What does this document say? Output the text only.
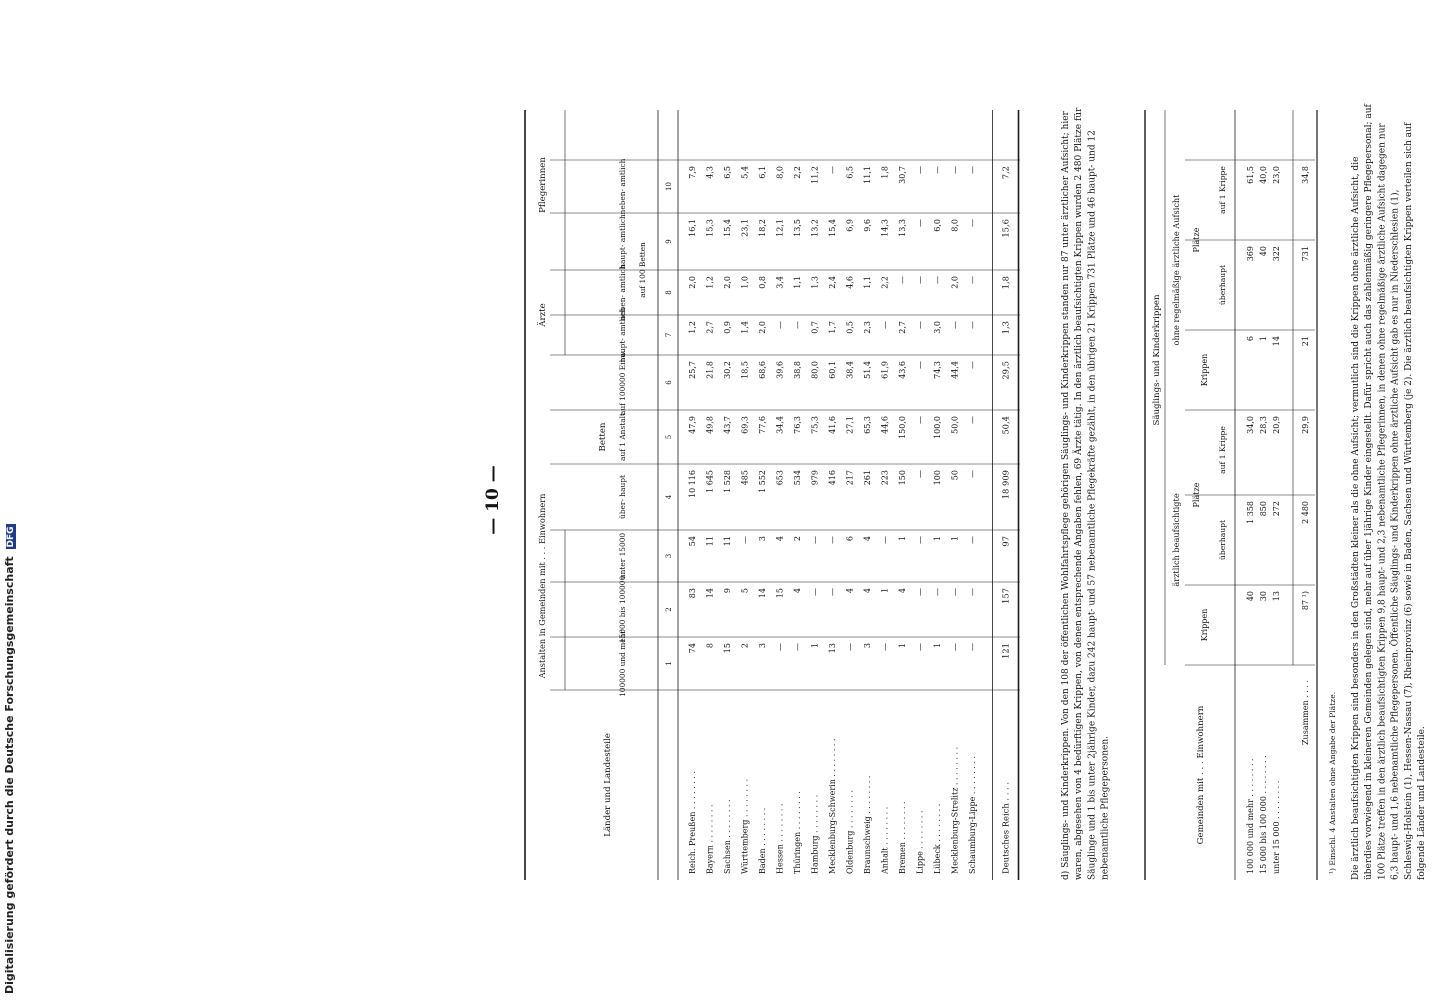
— 10 —
Länder und Landesteile
Anstalten in Gemeinden mit . . . Einwohnern
Betten
Ärzte
Pflegerinnen
100000 und mehr
15000 bis 100000
unter 15000
über- haupt
auf 1 Anstalt
auf 100000 Einw.
haupt- amtlich
neben- amtlich
haupt- amtlich
neben- amtlich
auf 100 Betten
1
2
3
4
5
6
7
8
9
10
Reich. Preußen . . . . . . . .
74
83
54
10 116
47,9
25,7
1,2
2,0
16,1
7,9
Bayern . . . . . . . .
8
14
11
1 645
49,8
21,8
2,7
1,2
15,3
4,3
Sachsen . . . . . . . .
15
9
11
1 528
43,7
30,2
0,9
2,0
15,4
6,5
Württemberg . . . . . . . .
2
5
—
485
69,3
18,5
1,4
1,0
23,1
5,4
Baden . . . . . . . .
3
14
3
1 552
77,6
68,6
2,0
0,8
18,2
6,1
Hessen . . . . . . . .
—
15
4
653
34,4
39,6
—
3,4
12,1
8,0
Thüringen . . . . . . . .
—
4
2
534
76,3
38,8
—
1,1
13,5
2,2
Hamburg . . . . . . . .
1
—
—
979
75,3
80,0
0,7
1,3
13,2
11,2
Mecklenburg-Schwerin . . . . . . . .
13
—
—
416
41,6
60,1
1,7
2,4
15,4
—
Oldenburg . . . . . . . .
—
4
6
217
27,1
38,4
0,5
4,6
6,9
6,5
Braunschweig . . . . . . . .
3
4
4
261
65,3
51,4
2,3
1,1
9,6
11,1
Anhalt . . . . . . . .
—
1
—
223
44,6
61,9
—
2,2
14,3
1,8
Bremen . . . . . . . .
1
4
1
150
150,0
43,6
2,7
—
13,3
30,7
Lippe . . . . . . . .
—
—
—
—
—
—
—
—
—
—
Lübeck . . . . . . . .
1
—
1
100
100,0
74,3
3,0
—
6,0
—
Mecklenburg-Strelitz . . . . . . . .
—
—
1
50
50,0
44,4
—
2,0
8,0
—
Schaumburg-Lippe . . . . . . . .
—
—
—
—
—
—
—
—
—
—
Deutsches Reich . . . .
121
157
97
18 909
50,4
29,5
1,3
1,8
15,6
7,2	d) Säuglings- und Kinderkrippen. Von den 108 der öffentlichen Wohlfahrtspflege gehörigen Säuglings- und Kinderkrippen standen nur 87 unter ärztlicher Aufsicht; hier waren, abgesehen von 4 bedürftigen Krippen, von denen entsprechende Angaben fehlen, 69 Ärzte tätig. In den ärztlich beaufsichtigten Krippen wurden 2 480 Plätze für Säuglinge und 1 bis unter 2jährige Kinder, dazu 242 haupt- und 57 nebenamtliche Pflegekräfte gezählt, in den übrigen 21 Krippen 731 Plätze und 46 haupt- und 12 nebenamtliche Pflegepersonen.
Säuglings- und Kinderkrippen
Gemeinden mit . . . Einwohnern
ärztlich beaufsichtigte
ohne regelmäßige ärztliche Aufsicht
Krippen
Plätze
überhaupt
auf 1 Krippe
Krippen
Plätze
überhaupt
auf 1 Krippe
100 000 und mehr . . . . . . . .
40
1 358
34,0
6
369
61,5
15 000 bis 100 000 . . . . . . . .
30
850
28,3
1
40
40,0
unter 15 000 . . . . . . . .
13
272
20,9
14
322
23,0
Zusammen . . . .
87 ¹)
2 480
29,9
21
731
34,8
¹) Einschl. 4 Anstalten ohne Angabe der Plätze. Die ärztlich beaufsichtigten Krippen sind besonders in den Großstädten kleiner als die ohne Aufsicht; vermutlich sind die Krippen ohne ärztliche Aufsicht, die überdies vorwiegend in kleineren Gemeinden gelegen sind, mehr auf über 1jährige Kinder eingestellt. Dafür spricht auch das zahlenmäßig geringere Pflegepersonal; auf 100 Plätze treffen in den ärztlich beaufsichtigten Krippen 9,8 haupt- und 2,3 nebenamtliche Pflegerinnen, in denen ohne regelmäßige ärztliche Aufsicht dagegen nur 6,3 haupt- und 1,6 nebenamtliche Pflegepersonen. Öffentliche Säuglings- und Kinderkrippen ohne ärztliche Aufsicht gab es nur in Niederschlesien (1), Schleswig-Holstein (1), Hessen-Nassau (7), Rheinprovinz (6) sowie in Baden, Sachsen und Württemberg (je 2). Die ärztlich beaufsichtigten Krippen verteilen sich auf folgende Länder und Landesteile.
Digitalisierung gefördert durch die Deutsche Forschungsgemeinschaft DFG
